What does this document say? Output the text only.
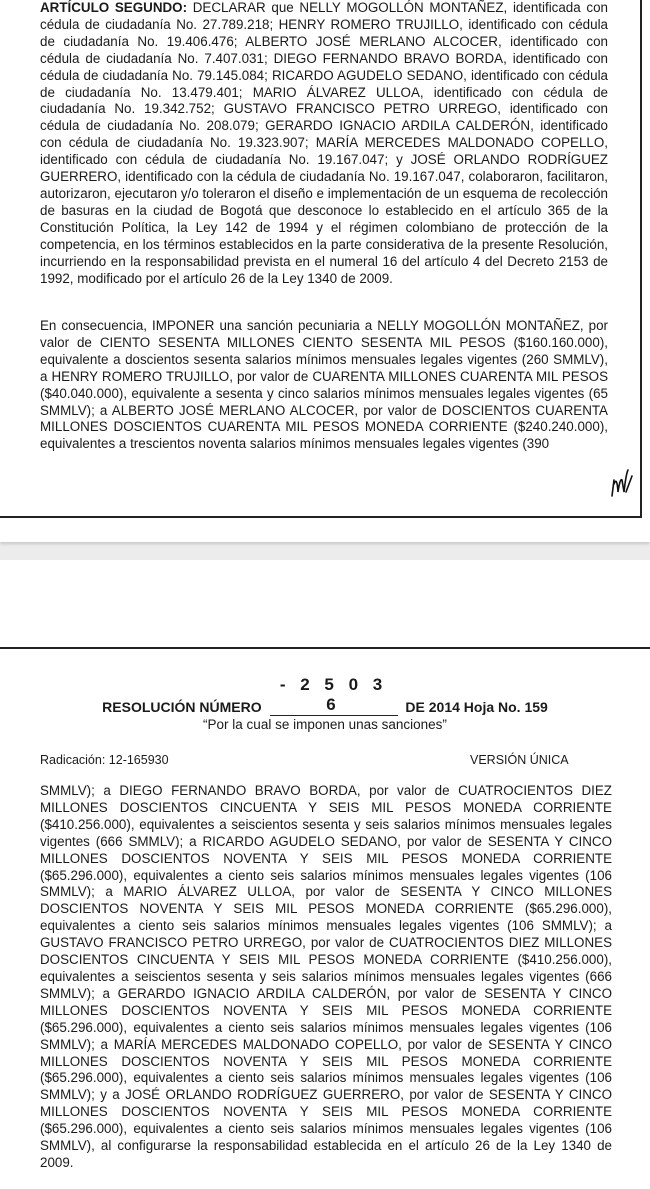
ARTÍCULO SEGUNDO: DECLARAR que NELLY MOGOLLÓN MONTAÑEZ, identificada con cédula de ciudadanía No. 27.789.218; HENRY ROMERO TRUJILLO, identificado con cédula de ciudadanía No. 19.406.476; ALBERTO JOSÉ MERLANO ALCOCER, identificado con cédula de ciudadanía No. 7.407.031; DIEGO FERNANDO BRAVO BORDA, identificado con cédula de ciudadanía No. 79.145.084; RICARDO AGUDELO SEDANO, identificado con cédula de ciudadanía No. 13.479.401; MARIO ÁLVAREZ ULLOA, identificado con cédula de ciudadanía No. 19.342.752; GUSTAVO FRANCISCO PETRO URREGO, identificado con cédula de ciudadanía No. 208.079; GERARDO IGNACIO ARDILA CALDERÓN, identificado con cédula de ciudadanía No. 19.323.907; MARÍA MERCEDES MALDONADO COPELLO, identificado con cédula de ciudadanía No. 19.167.047; y JOSÉ ORLANDO RODRÍGUEZ GUERRERO, identificado con la cédula de ciudadanía No. 19.167.047, colaboraron, facilitaron, autorizaron, ejecutaron y/o toleraron el diseño e implementación de un esquema de recolección de basuras en la ciudad de Bogotá que desconoce lo establecido en el artículo 365 de la Constitución Política, la Ley 142 de 1994 y el régimen colombiano de protección de la competencia, en los términos establecidos en la parte considerativa de la presente Resolución, incurriendo en la responsabilidad prevista en el numeral 16 del artículo 4 del Decreto 2153 de 1992, modificado por el artículo 26 de la Ley 1340 de 2009.

En consecuencia, IMPONER una sanción pecuniaria a NELLY MOGOLLÓN MONTAÑEZ, por valor de CIENTO SESENTA MILLONES CIENTO SESENTA MIL PESOS ($160.160.000), equivalente a doscientos sesenta salarios mínimos mensuales legales vigentes (260 SMMLV), a HENRY ROMERO TRUJILLO, por valor de CUARENTA MILLONES CUARENTA MIL PESOS ($40.040.000), equivalente a sesenta y cinco salarios mínimos mensuales legales vigentes (65 SMMLV); a ALBERTO JOSÉ MERLANO ALCOCER, por valor de DOSCIENTOS CUARENTA MILLONES DOSCIENTOS CUARENTA MIL PESOS MONEDA CORRIENTE ($240.240.000), equivalentes a trescientos noventa salarios mínimos mensuales legales vigentes (390

RESOLUCIÓN NÚMERO - 2 5 0 3 6	DE 2014 Hoja No. 159
“Por la cual se imponen unas sanciones”
Radicación: 12-165930	VERSIÓN ÚNICA

SMMLV); a DIEGO FERNANDO BRAVO BORDA, por valor de CUATROCIENTOS DIEZ MILLONES DOSCIENTOS CINCUENTA Y SEIS MIL PESOS MONEDA CORRIENTE ($410.256.000), equivalentes a seiscientos sesenta y seis salarios mínimos mensuales legales vigentes (666 SMMLV); a RICARDO AGUDELO SEDANO, por valor de SESENTA Y CINCO MILLONES DOSCIENTOS NOVENTA Y SEIS MIL PESOS MONEDA CORRIENTE ($65.296.000), equivalentes a ciento seis salarios mínimos mensuales legales vigentes (106 SMMLV); a MARIO ÁLVAREZ ULLOA, por valor de SESENTA Y CINCO MILLONES DOSCIENTOS NOVENTA Y SEIS MIL PESOS MONEDA CORRIENTE ($65.296.000), equivalentes a ciento seis salarios mínimos mensuales legales vigentes (106 SMMLV); a GUSTAVO FRANCISCO PETRO URREGO, por valor de CUATROCIENTOS DIEZ MILLONES DOSCIENTOS CINCUENTA Y SEIS MIL PESOS MONEDA CORRIENTE ($410.256.000), equivalentes a seiscientos sesenta y seis salarios mínimos mensuales legales vigentes (666 SMMLV); a GERARDO IGNACIO ARDILA CALDERÓN, por valor de SESENTA Y CINCO MILLONES DOSCIENTOS NOVENTA Y SEIS MIL PESOS MONEDA CORRIENTE ($65.296.000), equivalentes a ciento seis salarios mínimos mensuales legales vigentes (106 SMMLV); a MARÍA MERCEDES MALDONADO COPELLO, por valor de SESENTA Y CINCO MILLONES DOSCIENTOS NOVENTA Y SEIS MIL PESOS MONEDA CORRIENTE ($65.296.000), equivalentes a ciento seis salarios mínimos mensuales legales vigentes (106 SMMLV); y a JOSÉ ORLANDO RODRÍGUEZ GUERRERO, por valor de SESENTA Y CINCO MILLONES DOSCIENTOS NOVENTA Y SEIS MIL PESOS MONEDA CORRIENTE ($65.296.000), equivalentes a ciento seis salarios mínimos mensuales legales vigentes (106 SMMLV), al configurarse la responsabilidad establecida en el artículo 26 de la Ley 1340 de 2009.
